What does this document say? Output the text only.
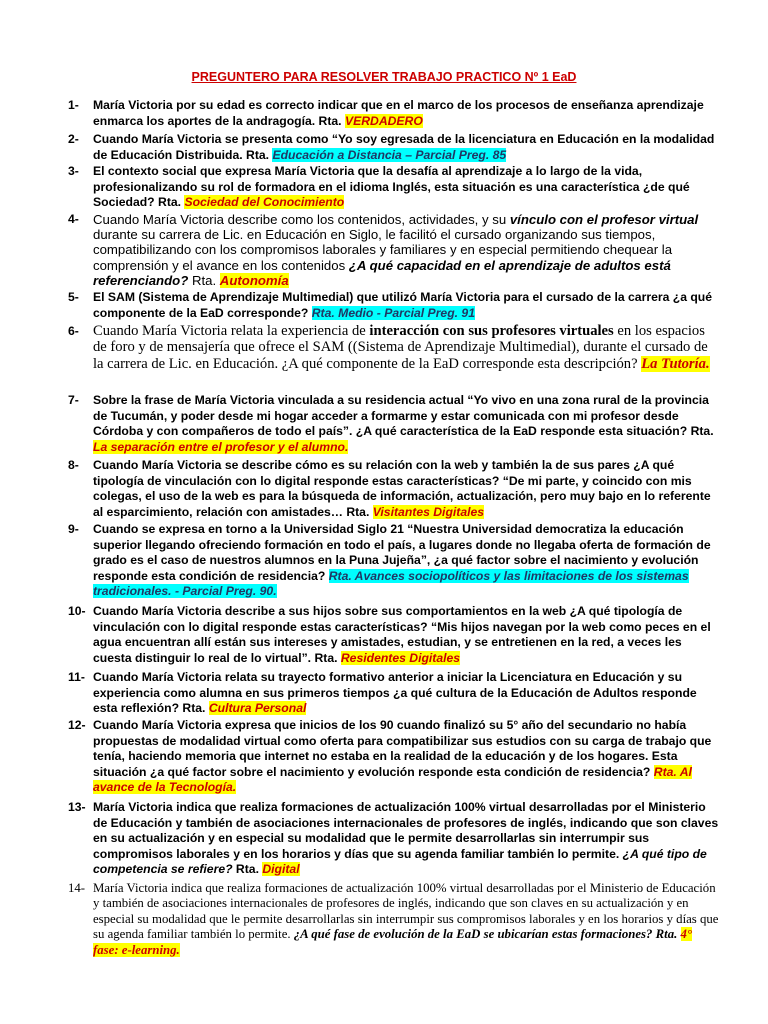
PREGUNTERO PARA RESOLVER TRABAJO PRACTICO Nº 1 EaD
1-	María Victoria por su edad es correcto indicar que en el marco de los procesos de enseñanza aprendizaje enmarca los aportes de la andragogía. Rta. VERDADERO
2-	Cuando María Victoria se presenta como “Yo soy egresada de la licenciatura en Educación en la modalidad de Educación Distribuida. Rta. Educación a Distancia – Parcial Preg. 85
3-	El contexto social que expresa María Victoria que la desafía al aprendizaje a lo largo de la vida, profesionalizando su rol de formadora en el idioma Inglés, esta situación es una característica ¿de qué Sociedad? Rta. Sociedad del Conocimiento
4-	Cuando María Victoria describe como los contenidos, actividades, y su vínculo con el profesor virtual durante su carrera de Lic. en Educación en Siglo, le facilitó el cursado organizando sus tiempos, compatibilizando con los compromisos laborales y familiares y en especial permitiendo chequear la comprensión y el avance en los contenidos ¿A qué capacidad en el aprendizaje de adultos está referenciando? Rta. Autonomía
5-	El SAM (Sistema de Aprendizaje Multimedial) que utilizó María Victoria para el cursado de la carrera ¿a qué componente de la EaD corresponde? Rta. Medio - Parcial Preg. 91
6- Cuando María Victoria relata la experiencia de interacción con sus profesores virtuales en los espacios de foro y de mensajería que ofrece el SAM ((Sistema de Aprendizaje Multimedial), durante el cursado de la carrera de Lic. en Educación. ¿A qué componente de la EaD corresponde esta descripción? La Tutoría.
7-	Sobre la frase de María Victoria vinculada a su residencia actual “Yo vivo en una zona rural de la provincia de Tucumán, y poder desde mi hogar acceder a formarme y estar comunicada con mi profesor desde Córdoba y con compañeros de todo el país”. ¿A qué característica de la EaD responde esta situación? Rta. La separación entre el profesor y el alumno.
8-	Cuando María Victoria se describe cómo es su relación con la web y también la de sus pares ¿A qué tipología de vinculación con lo digital responde estas características? “De mi parte, y coincido con mis colegas, el uso de la web es para la búsqueda de información, actualización, pero muy bajo en lo referente al esparcimiento, relación con amistades… Rta. Visitantes Digitales
9-	Cuando se expresa en torno a la Universidad Siglo 21 “Nuestra Universidad democratiza la educación superior llegando ofreciendo formación en todo el país, a lugares donde no llegaba oferta de formación de grado es el caso de nuestros alumnos en la Puna Jujeña”, ¿a qué factor sobre el nacimiento y evolución responde esta condición de residencia? Rta. Avances sociopolíticos y las limitaciones de los sistemas tradicionales. - Parcial Preg. 90.
10- Cuando María Victoria describe a sus hijos sobre sus comportamientos en la web ¿A qué tipología de vinculación con lo digital responde estas características? “Mis hijos navegan por la web como peces en el agua encuentran allí están sus intereses y amistades, estudian, y se entretienen en la red, a veces les cuesta distinguir lo real de lo virtual”. Rta. Residentes Digitales
11- Cuando María Victoria relata su trayecto formativo anterior a iniciar la Licenciatura en Educación y su experiencia como alumna en sus primeros tiempos ¿a qué cultura de la Educación de Adultos responde esta reflexión? Rta. Cultura Personal
12- Cuando María Victoria expresa que inicios de los 90 cuando finalizó su 5° año del secundario no había propuestas de modalidad virtual como oferta para compatibilizar sus estudios con su carga de trabajo que tenía, haciendo memoria que internet no estaba en la realidad de la educación y de los hogares. Esta situación ¿a qué factor sobre el nacimiento y evolución responde esta condición de residencia? Rta. Al avance de la Tecnología.
13- María Victoria indica que realiza formaciones de actualización 100% virtual desarrolladas por el Ministerio de Educación y también de asociaciones internacionales de profesores de inglés, indicando que son claves en su actualización y en especial su modalidad que le permite desarrollarlas sin interrumpir sus compromisos laborales y en los horarios y días que su agenda familiar también lo permite. ¿A qué tipo de competencia se refiere? Rta. Digital
14- María Victoria indica que realiza formaciones de actualización 100% virtual desarrolladas por el Ministerio de Educación y también de asociaciones internacionales de profesores de inglés, indicando que son claves en su actualización y en especial su modalidad que le permite desarrollarlas sin interrumpir sus compromisos laborales y en los horarios y días que su agenda familiar también lo permite. ¿A qué fase de evolución de la EaD se ubicarían estas formaciones? Rta. 4° fase: e-learning.
